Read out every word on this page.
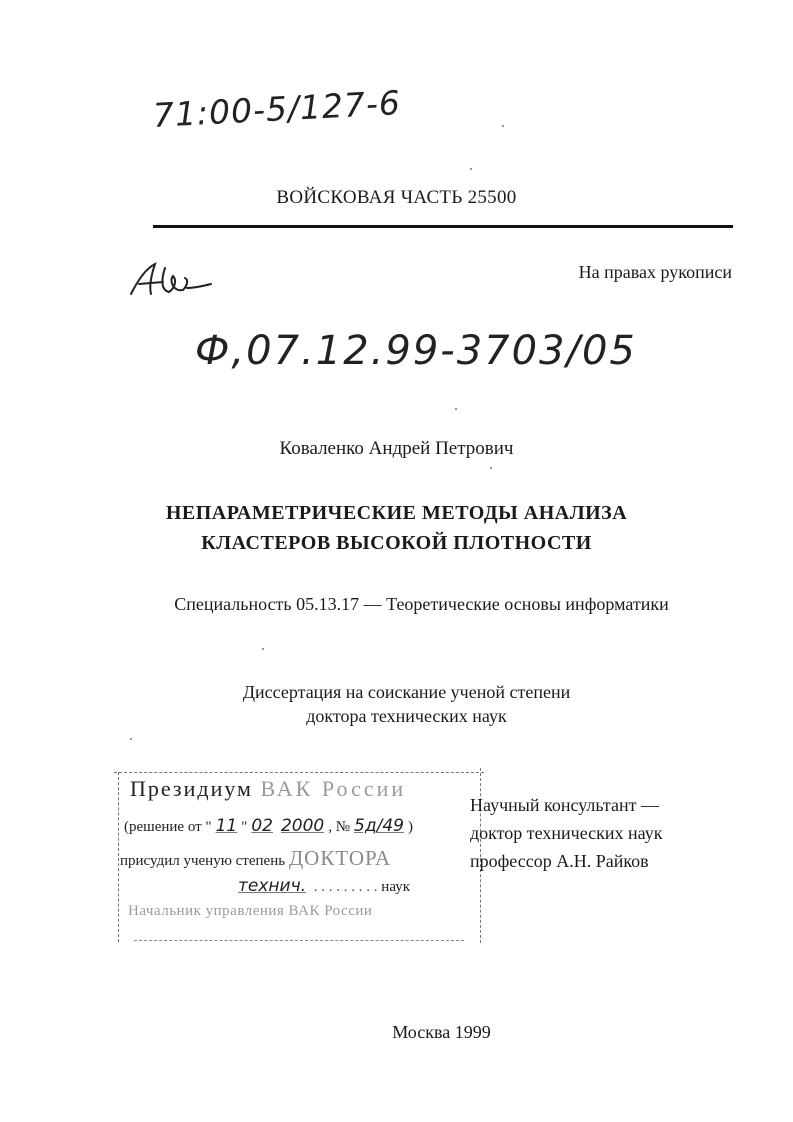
71:00-5/127-6
ВОЙСКОВАЯ ЧАСТЬ 25500
На правах рукописи
Ф,07.12.99-3703/05
Коваленко Андрей Петрович
НЕПАРАМЕТРИЧЕСКИЕ МЕТОДЫ АНАЛИЗА
КЛАСТЕРОВ ВЫСОКОЙ ПЛОТНОСТИ
Специальность 05.13.17 — Теоретические основы информатики
Диссертация на соискание ученой степени
доктора технических наук
Президиум ВАК России
(решение от " 11 " 02 2000 , № 5д/49 )
присудил ученую степень ДОКТОРА
технич. . . . . . . . . . наук
Начальник управления ВАК России
Научный консультант —
доктор технических наук
профессор А.Н. Райков
Москва 1999
